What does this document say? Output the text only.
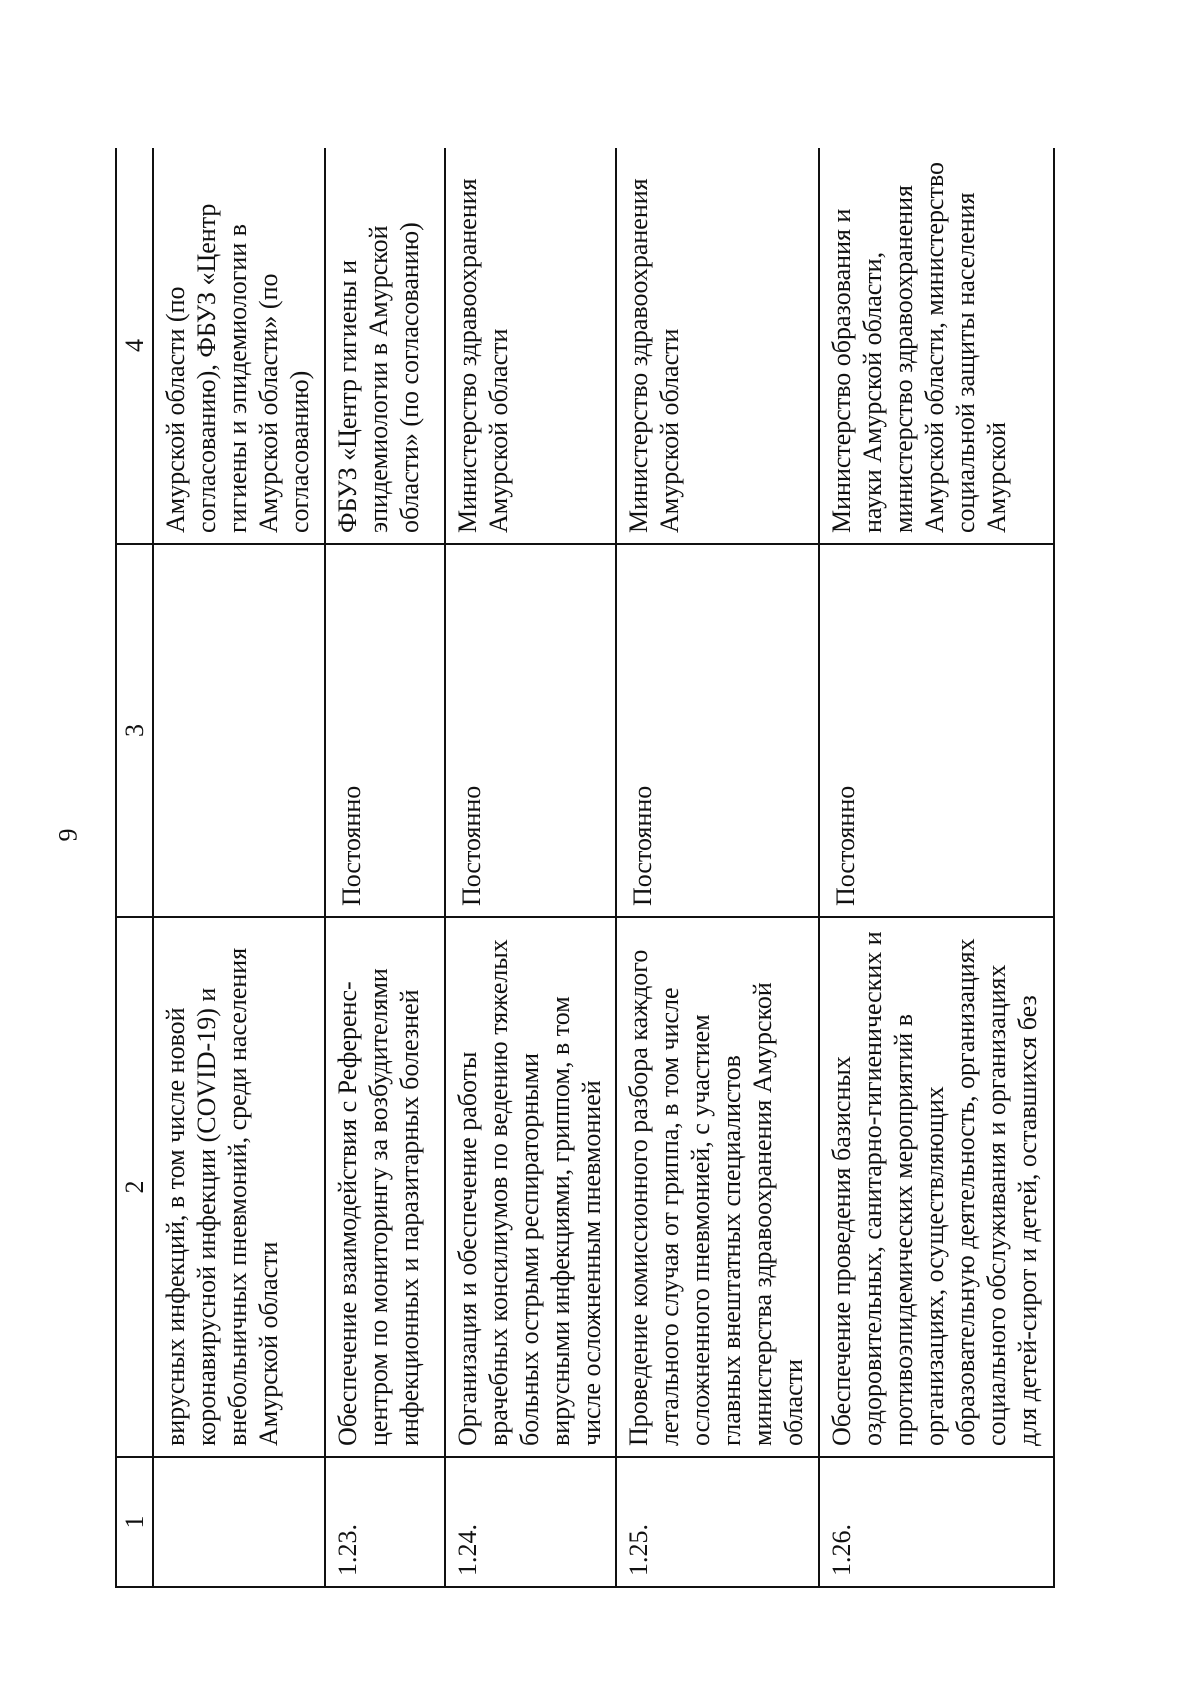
9
1	2	3	4
	вирусных инфекций, в том числе новой коронавирусной инфекции (COVID-19) и внебольничных пневмоний, среди населения Амурской области		Амурской области (по согласованию), ФБУЗ «Центр гигиены и эпидемиологии в Амурской области» (по согласованию)
1.23.	Обеспечение взаимодействия с Референс-центром по мониторингу за возбудителями инфекционных и паразитарных болезней	Постоянно	ФБУЗ «Центр гигиены и эпидемиологии в Амурской области» (по согласованию)
1.24.	Организация и обеспечение работы врачебных консилиумов по ведению тяжелых больных острыми респираторными вирусными инфекциями, гриппом, в том числе осложненным пневмонией	Постоянно	Министерство здравоохранения Амурской области
1.25.	Проведение комиссионного разбора каждого летального случая от гриппа, в том числе осложненного пневмонией, с участием главных внештатных специалистов министерства здравоохранения Амурской области	Постоянно	Министерство здравоохранения Амурской области
1.26.	Обеспечение проведения базисных оздоровительных, санитарно-гигиенических и противоэпидемических мероприятий в организациях, осуществляющих образовательную деятельность, организациях социального обслуживания и организациях для детей-сирот и детей, оставшихся без	Постоянно	Министерство образования и науки Амурской области, министерство здравоохранения Амурской области, министерство социальной защиты населения Амурской
